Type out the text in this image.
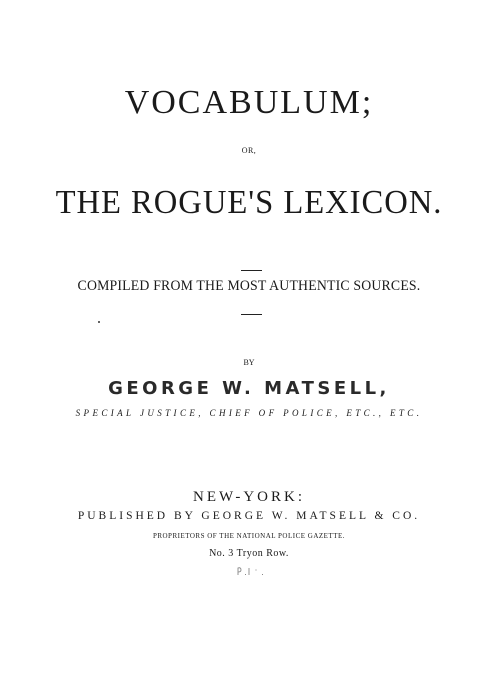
VOCABULUM;
OR,
THE ROGUE'S LEXICON.
COMPILED FROM THE MOST AUTHENTIC SOURCES.
BY
GEORGE W. MATSELL,
SPECIAL JUSTICE, CHIEF OF POLICE, ETC., ETC.
NEW-YORK:
PUBLISHED BY GEORGE W. MATSELL & CO.
PROPRIETORS OF THE NATIONAL POLICE GAZETTE.
No. 3 Tryon Row.
